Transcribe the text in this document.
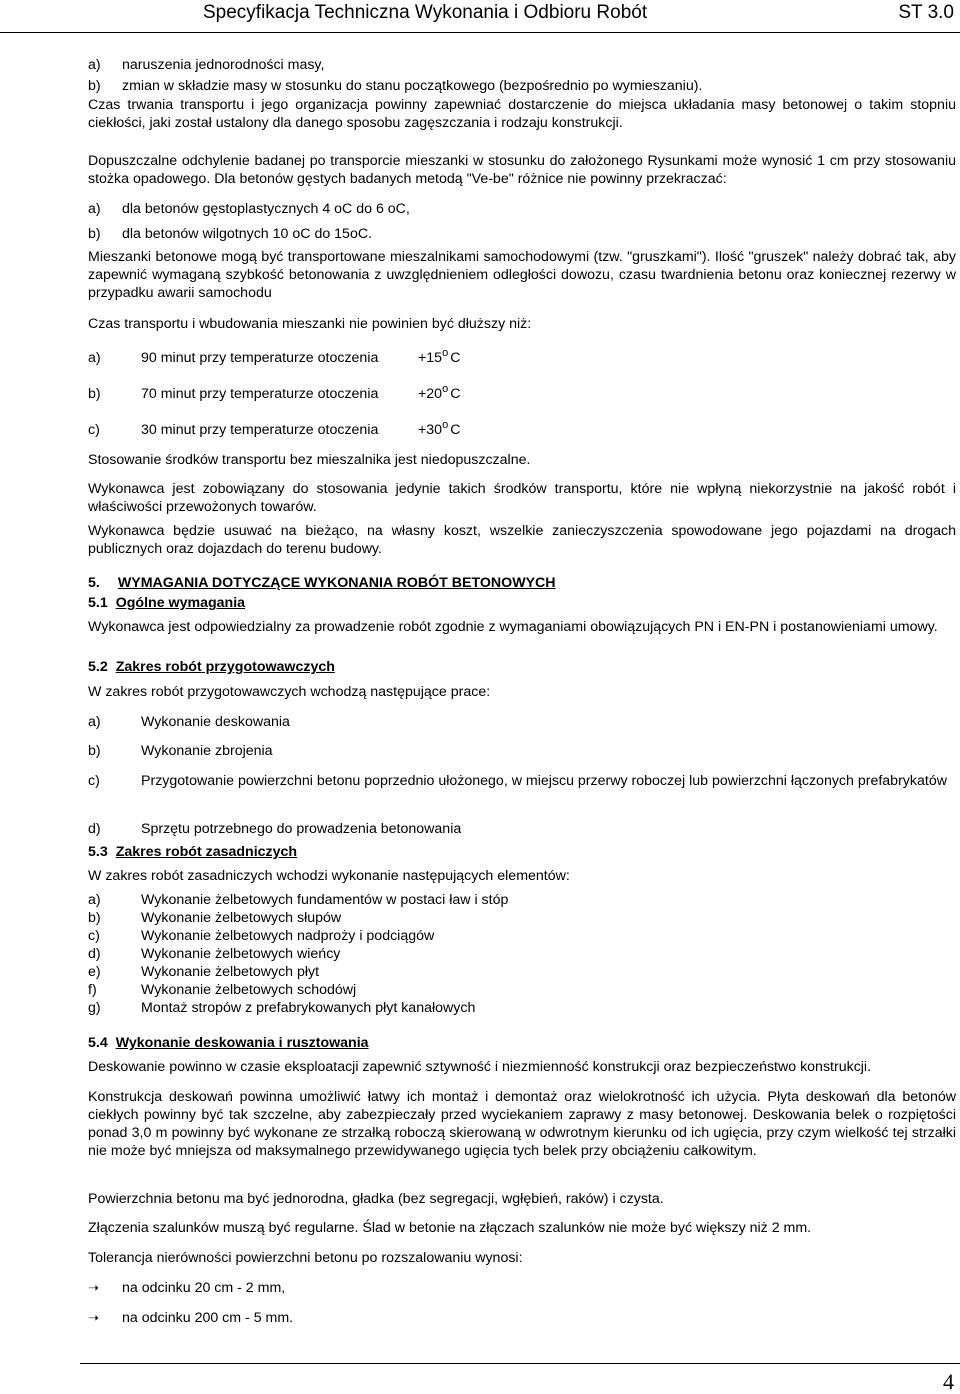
Specyfikacja Techniczna Wykonania i Odbioru Robót	ST 3.0
a) naruszenia jednorodności masy,
b) zmian w składzie masy w stosunku do stanu początkowego (bezpośrednio po wymieszaniu).
Czas trwania transportu i jego organizacja powinny zapewniać dostarczenie do miejsca układania masy betonowej o takim stopniu ciekłości, jaki został ustalony dla danego sposobu zagęszczania i rodzaju konstrukcji.
Dopuszczalne odchylenie badanej po transporcie mieszanki w stosunku do założonego Rysunkami może wynosić 1 cm przy stosowaniu stożka opadowego. Dla betonów gęstych badanych metodą "Ve-be" różnice nie powinny przekraczać:
a) dla betonów gęstoplastycznych 4 oC do 6 oC,
b) dla betonów wilgotnych 10 oC do 15oC.
Mieszanki betonowe mogą być transportowane mieszalnikami samochodowymi (tzw. "gruszkami"). Ilość "gruszek" należy dobrać tak, aby zapewnić wymaganą szybkość betonowania z uwzględnieniem odległości dowozu, czasu twardnienia betonu oraz koniecznej rezerwy w przypadku awarii samochodu
Czas transportu i wbudowania mieszanki nie powinien być dłuższy niż:
a)	90 minut przy temperaturze otoczenia	$+15^o$ C
b)	70 minut przy temperaturze otoczenia	$+20^o$ C
c)	30 minut przy temperaturze otoczenia	$+30^o$ C
Stosowanie środków transportu bez mieszalnika jest niedopuszczalne.
Wykonawca jest zobowiązany do stosowania jedynie takich środków transportu, które nie wpłyną niekorzystnie na jakość robót i właściwości przewożonych towarów.
Wykonawca będzie usuwać na bieżąco, na własny koszt, wszelkie zanieczyszczenia spowodowane jego pojazdami na drogach publicznych oraz dojazdach do terenu budowy.
5. WYMAGANIA DOTYCZĄCE WYKONANIA ROBÓT BETONOWYCH
5.1 Ogólne wymagania
Wykonawca jest odpowiedzialny za prowadzenie robót zgodnie z wymaganiami obowiązujących PN i EN-PN i postanowieniami umowy.
5.2 Zakres robót przygotowawczych
W zakres robót przygotowawczych wchodzą następujące prace:
a)	Wykonanie deskowania
b)	Wykonanie zbrojenia
c)	Przygotowanie powierzchni betonu poprzednio ułożonego, w miejscu przerwy roboczej lub powierzchni łączonych prefabrykatów
d)	Sprzętu potrzebnego do prowadzenia betonowania
5.3 Zakres robót zasadniczych
W zakres robót zasadniczych wchodzi wykonanie następujących elementów:
a)	Wykonanie żelbetowych fundamentów w postaci ław i stóp
b)	Wykonanie żelbetowych słupów
c)	Wykonanie żelbetowych nadproży i podciągów
d)	Wykonanie żelbetowych wieńcy
e)	Wykonanie żelbetowych płyt
f)	Wykonanie żelbetowych schodówj
g)	Montaż stropów z prefabrykowanych płyt kanałowych
5.4 Wykonanie deskowania i rusztowania
Deskowanie powinno w czasie eksploatacji zapewnić sztywność i niezmienność konstrukcji oraz bezpieczeństwo konstrukcji.
Konstrukcja deskowań powinna umożliwić łatwy ich montaż i demontaż oraz wielokrotność ich użycia. Płyta deskowań dla betonów ciekłych powinny być tak szczelne, aby zabezpieczały przed wyciekaniem zaprawy z masy betonowej. Deskowania belek o rozpiętości ponad 3,0 m powinny być wykonane ze strzałką roboczą skierowaną w odwrotnym kierunku od ich ugięcia, przy czym wielkość tej strzałki nie może być mniejsza od maksymalnego przewidywanego ugięcia tych belek przy obciążeniu całkowitym.
Powierzchnia betonu ma być jednorodna, gładka (bez segregacji, wgłębień, raków) i czysta.
Złączenia szalunków muszą być regularne. Ślad w betonie na złączach szalunków nie może być większy niż 2 mm.
Tolerancja nierówności powierzchni betonu po rozszalowaniu wynosi:
➝ na odcinku 20 cm - 2 mm,
➝ na odcinku 200 cm - 5 mm.
4
